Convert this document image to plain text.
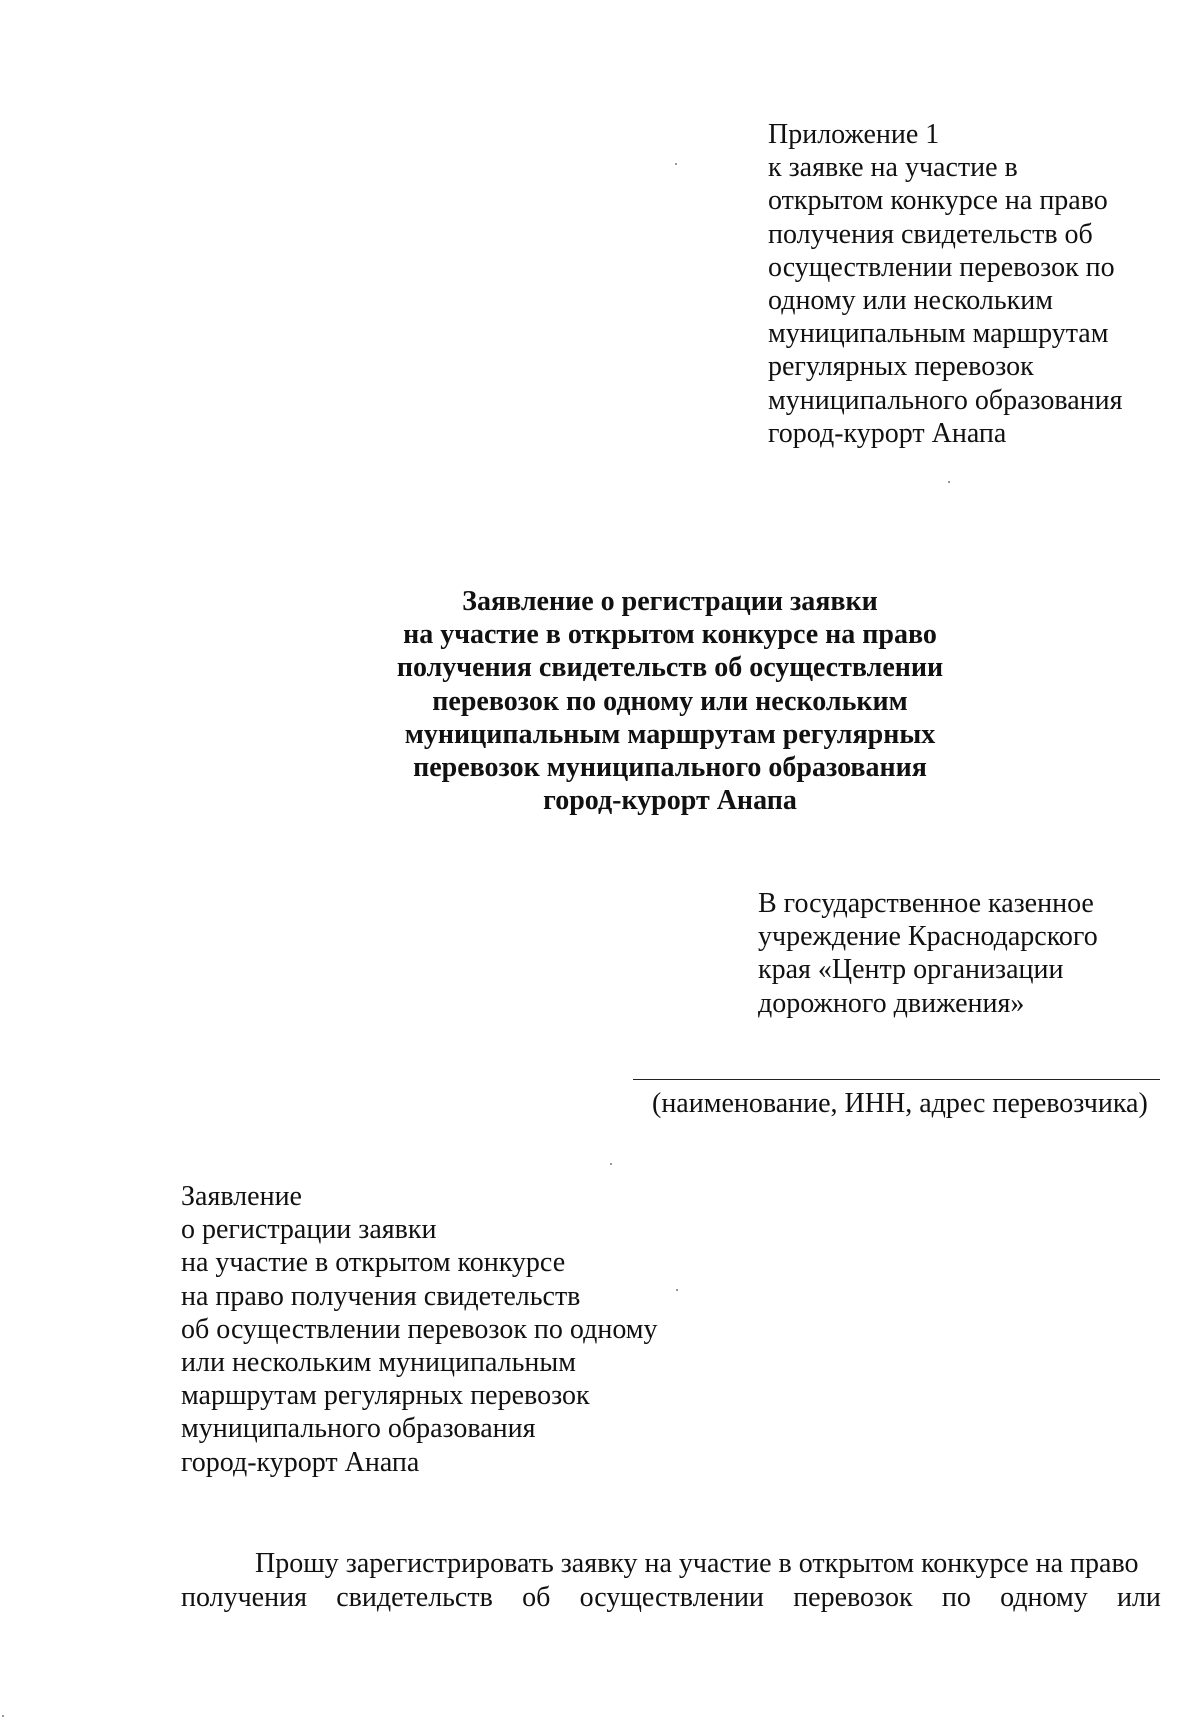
Приложение 1
к заявке на участие в
открытом конкурсе на право
получения свидетельств об
осуществлении перевозок по
одному или нескольким
муниципальным маршрутам
регулярных перевозок
муниципального образования
город-курорт Анапа
Заявление о регистрации заявки
на участие в открытом конкурсе на право
получения свидетельств об осуществлении
перевозок по одному или нескольким
муниципальным маршрутам регулярных
перевозок муниципального образования
город-курорт Анапа
В государственное казенное
учреждение Краснодарского
края «Центр организации
дорожного движения»
(наименование, ИНН, адрес перевозчика)
Заявление
о регистрации заявки
на участие в открытом конкурсе
на право получения свидетельств
об осуществлении перевозок по одному
или нескольким муниципальным
маршрутам регулярных перевозок
муниципального образования
город-курорт Анапа
Прошу зарегистрировать заявку на участие в открытом конкурсе на право
получения свидетельств об осуществлении перевозок по одному или
